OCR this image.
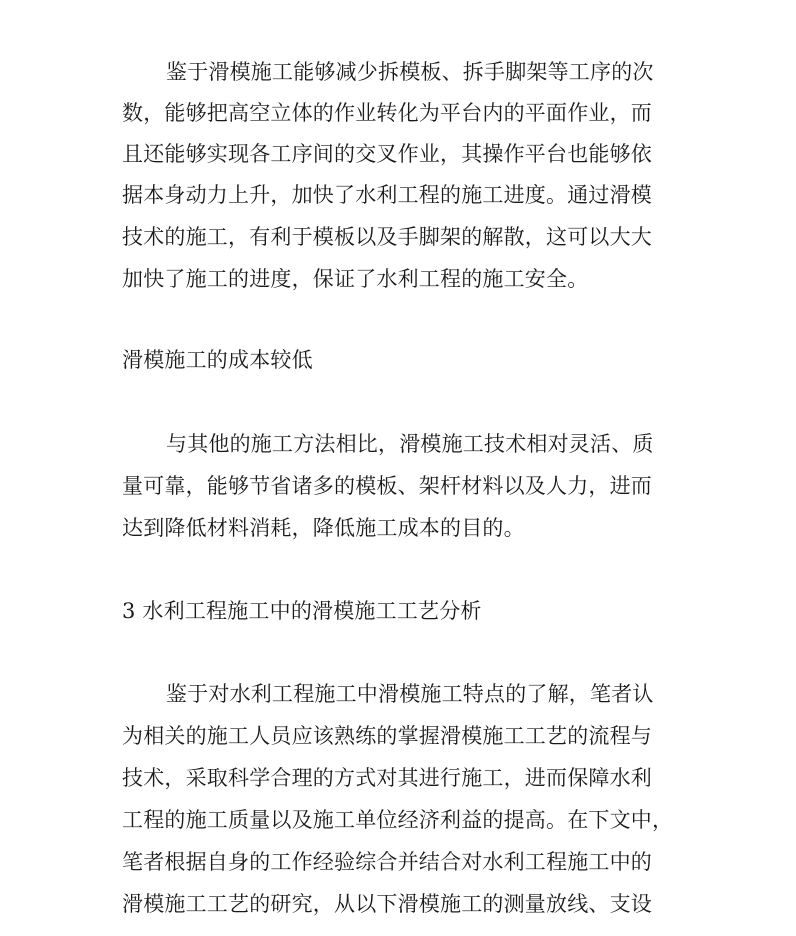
鉴于滑模施工能够减少拆模板、拆手脚架等工序的次
数，能够把高空立体的作业转化为平台内的平面作业，而
且还能够实现各工序间的交叉作业，其操作平台也能够依
据本身动力上升，加快了水利工程的施工进度。通过滑模
技术的施工，有利于模板以及手脚架的解散，这可以大大
加快了施工的进度，保证了水利工程的施工安全。
滑模施工的成本较低
与其他的施工方法相比，滑模施工技术相对灵活、质
量可靠，能够节省诸多的模板、架杆材料以及人力，进而
达到降低材料消耗，降低施工成本的目的。
3 水利工程施工中的滑模施工工艺分析
鉴于对水利工程施工中滑模施工特点的了解，笔者认
为相关的施工人员应该熟练的掌握滑模施工工艺的流程与
技术，采取科学合理的方式对其进行施工，进而保障水利
工程的施工质量以及施工单位经济利益的提高。在下文中，
笔者根据自身的工作经验综合并结合对水利工程施工中的
滑模施工工艺的研究，从以下滑模施工的测量放线、支设
